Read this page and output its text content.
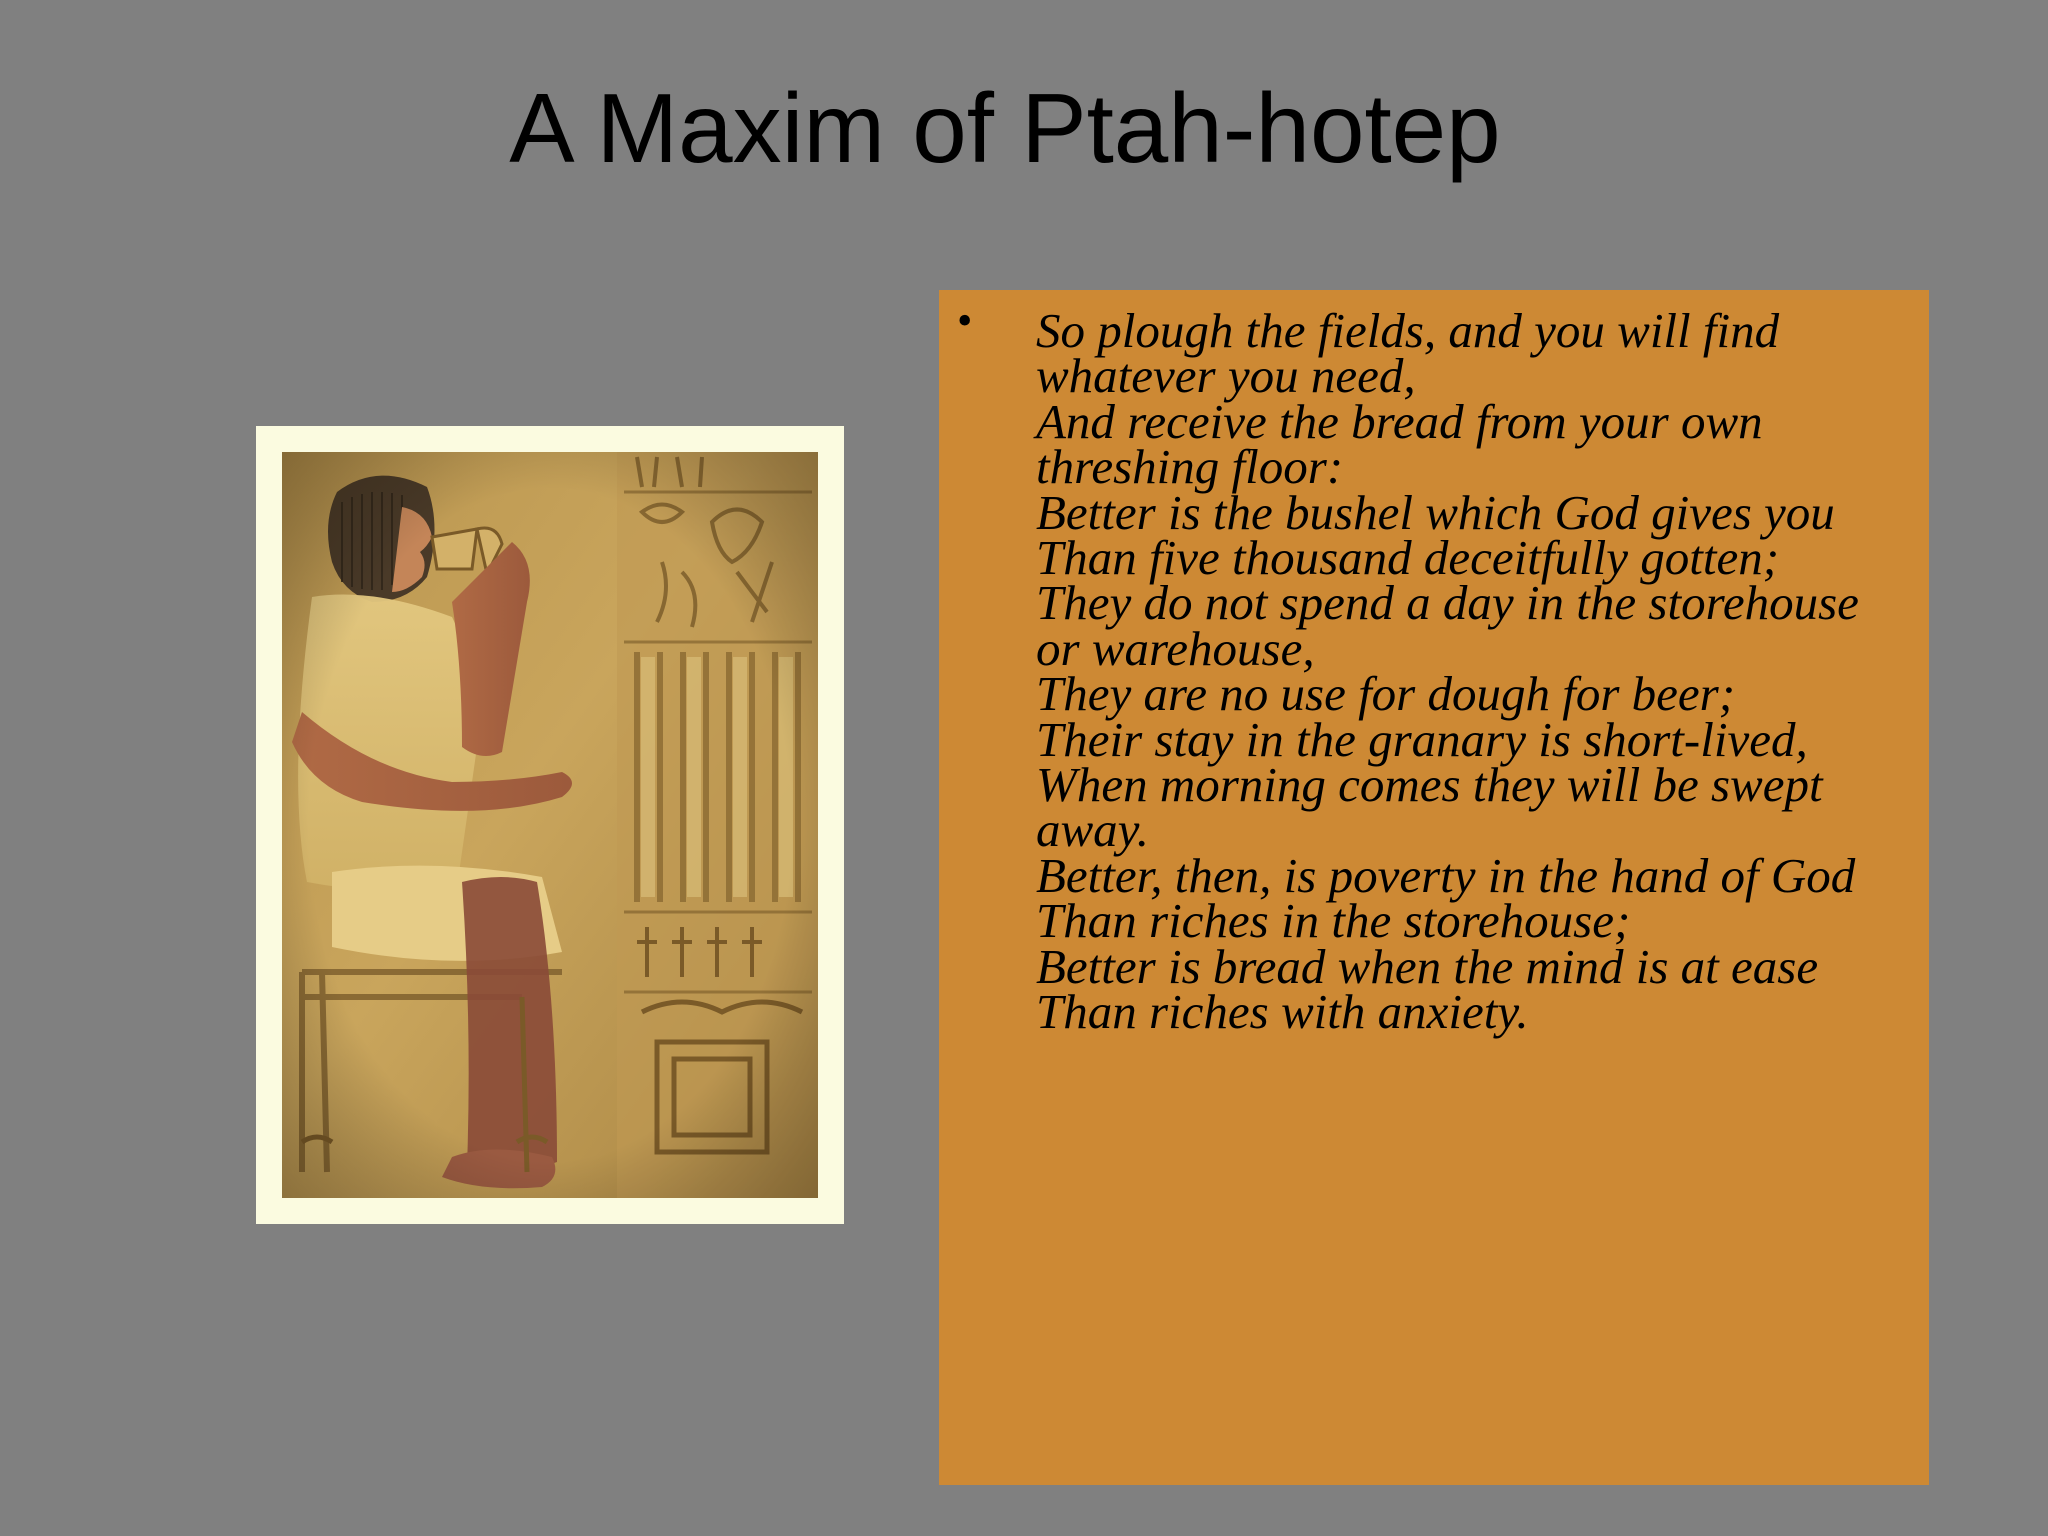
A Maxim of Ptah-hotep
• So plough the fields, and you will find
whatever you need,
And receive the bread from your own
threshing floor:
Better is the bushel which God gives you
Than five thousand deceitfully gotten;
They do not spend a day in the storehouse
or warehouse,
They are no use for dough for beer;
Their stay in the granary is short-lived,
When morning comes they will be swept
away.
Better, then, is poverty in the hand of God
Than riches in the storehouse;
Better is bread when the mind is at ease
Than riches with anxiety.
